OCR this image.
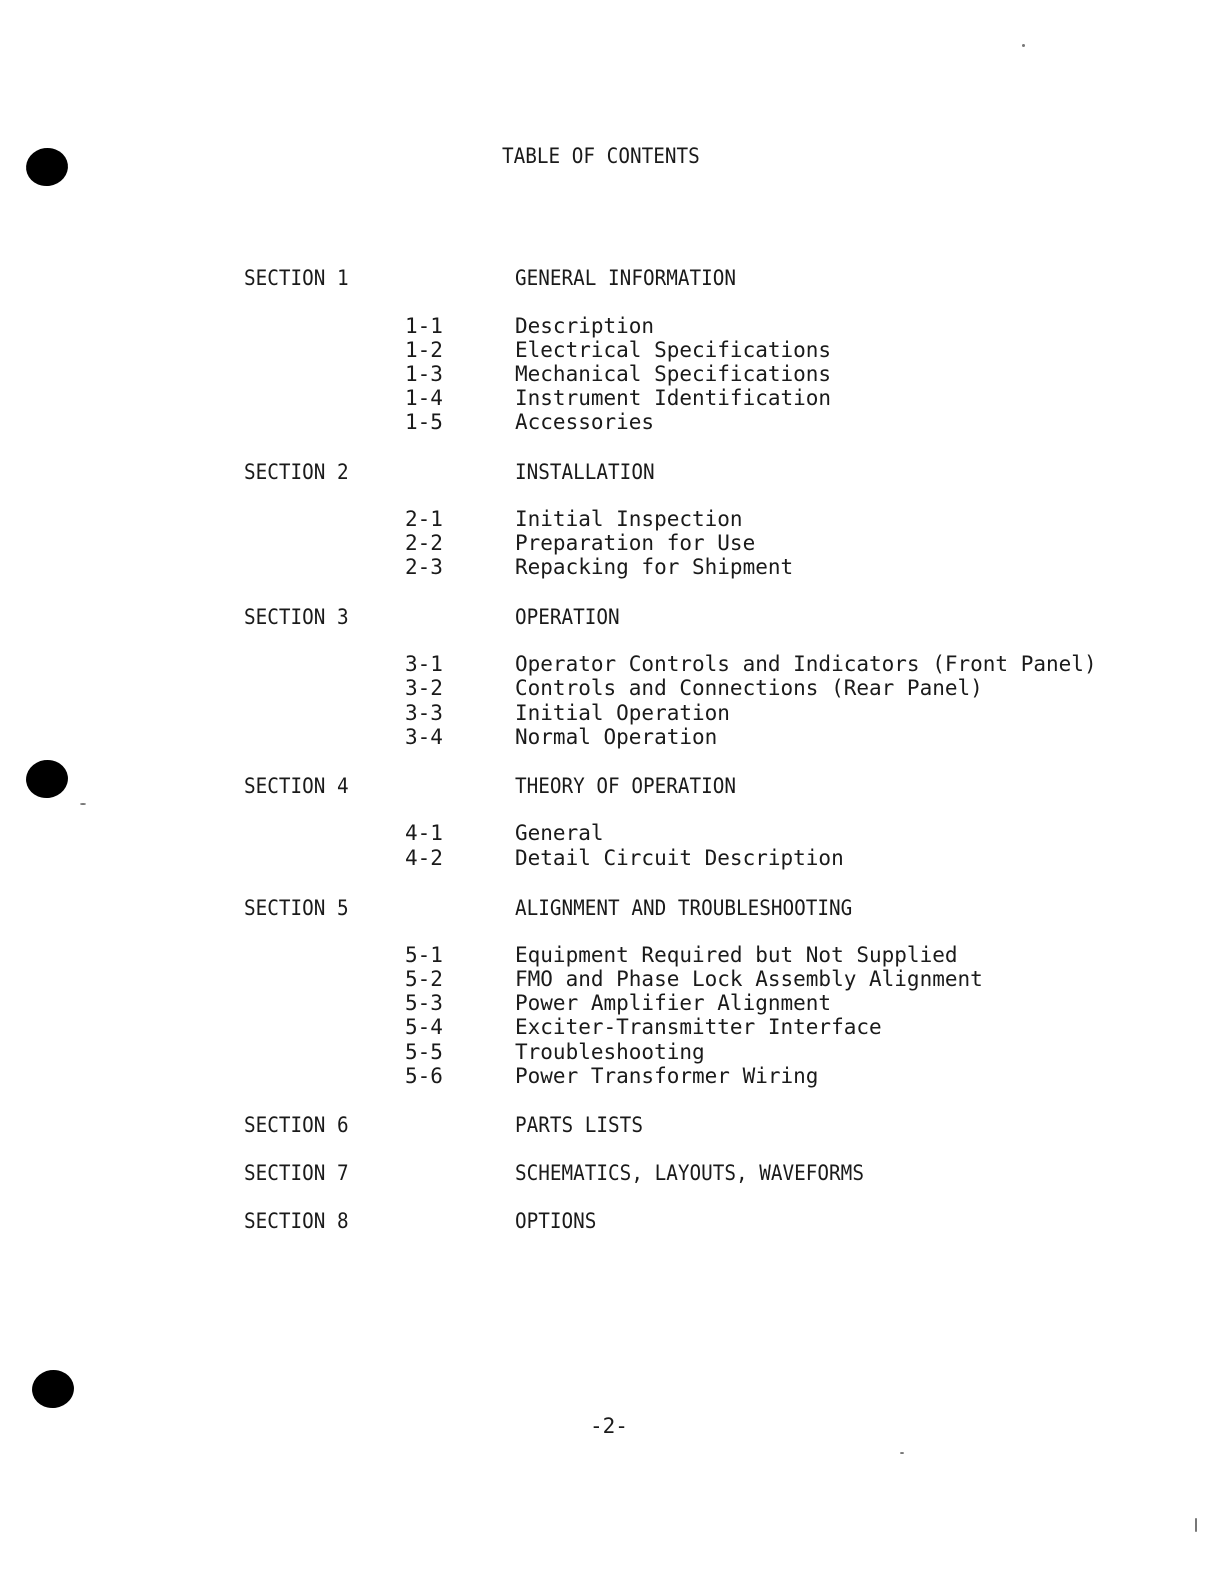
TABLE OF CONTENTS
SECTION 1	GENERAL INFORMATION
1-1	Description
1-2	Electrical Specifications
1-3	Mechanical Specifications
1-4	Instrument Identification
1-5	Accessories
SECTION 2	INSTALLATION
2-1	Initial Inspection
2-2	Preparation for Use
2-3	Repacking for Shipment
SECTION 3	OPERATION
3-1	Operator Controls and Indicators (Front Panel)
3-2	Controls and Connections (Rear Panel)
3-3	Initial Operation
3-4	Normal Operation
SECTION 4	THEORY OF OPERATION
4-1	General
4-2	Detail Circuit Description
SECTION 5	ALIGNMENT AND TROUBLESHOOTING
5-1	Equipment Required but Not Supplied
5-2	FMO and Phase Lock Assembly Alignment
5-3	Power Amplifier Alignment
5-4	Exciter-Transmitter Interface
5-5	Troubleshooting
5-6	Power Transformer Wiring
SECTION 6	PARTS LISTS
SECTION 7	SCHEMATICS, LAYOUTS, WAVEFORMS
SECTION 8	OPTIONS
-2-
